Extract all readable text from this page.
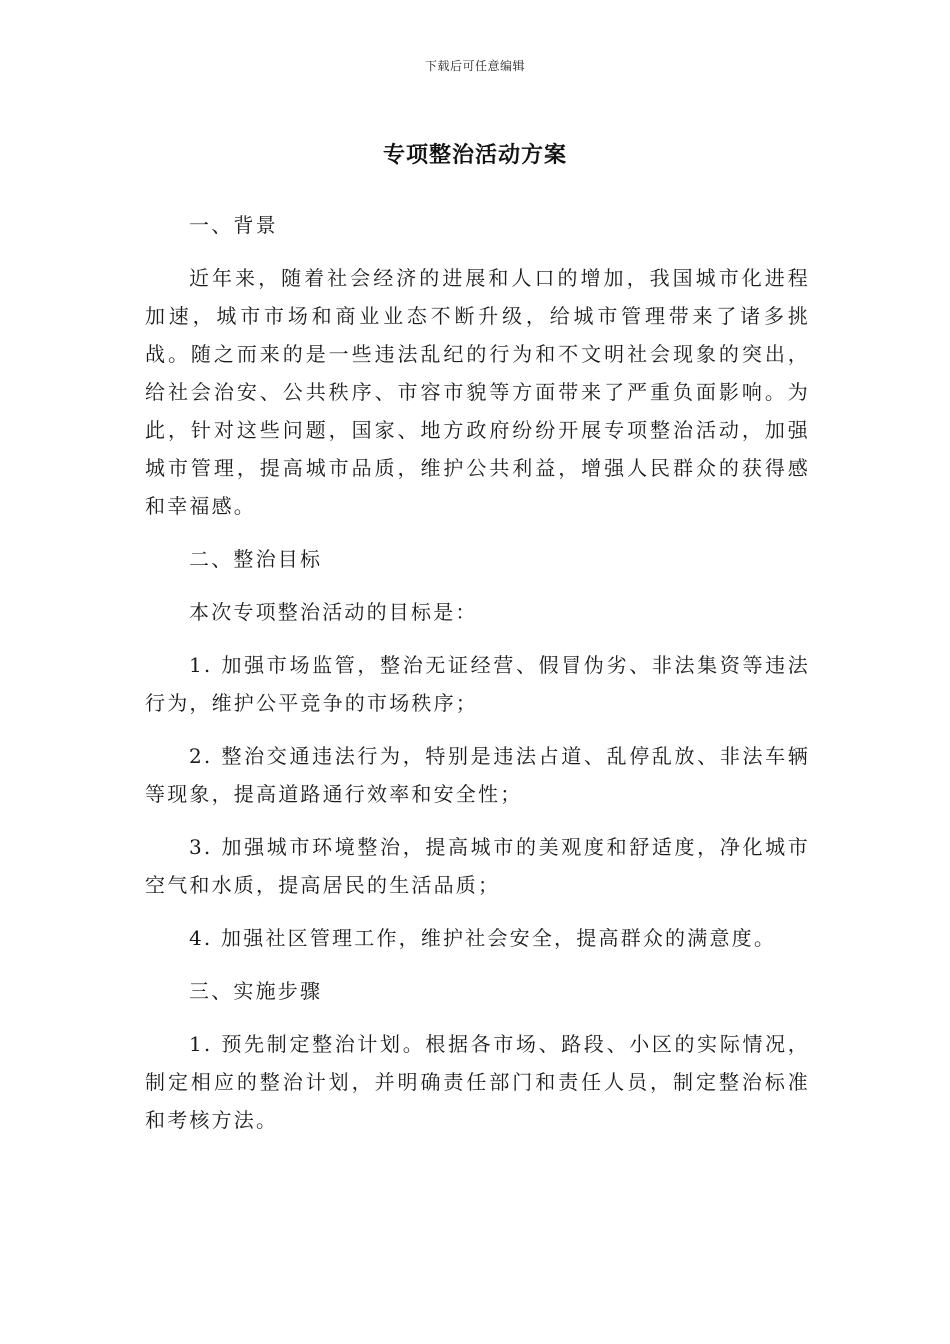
下载后可任意编辑
专项整治活动方案

一、背景

近年来，随着社会经济的进展和人口的增加，我国城市化进程加速，城市市场和商业业态不断升级，给城市管理带来了诸多挑战。随之而来的是一些违法乱纪的行为和不文明社会现象的突出，给社会治安、公共秩序、市容市貌等方面带来了严重负面影响。为此，针对这些问题，国家、地方政府纷纷开展专项整治活动，加强城市管理，提高城市品质，维护公共利益，增强人民群众的获得感和幸福感。

二、整治目标

本次专项整治活动的目标是：

1. 加强市场监管，整治无证经营、假冒伪劣、非法集资等违法行为，维护公平竞争的市场秩序；

2. 整治交通违法行为，特别是违法占道、乱停乱放、非法车辆等现象，提高道路通行效率和安全性；

3. 加强城市环境整治，提高城市的美观度和舒适度，净化城市空气和水质，提高居民的生活品质；

4. 加强社区管理工作，维护社会安全，提高群众的满意度。

三、实施步骤

1. 预先制定整治计划。根据各市场、路段、小区的实际情况，制定相应的整治计划，并明确责任部门和责任人员，制定整治标准和考核方法。
